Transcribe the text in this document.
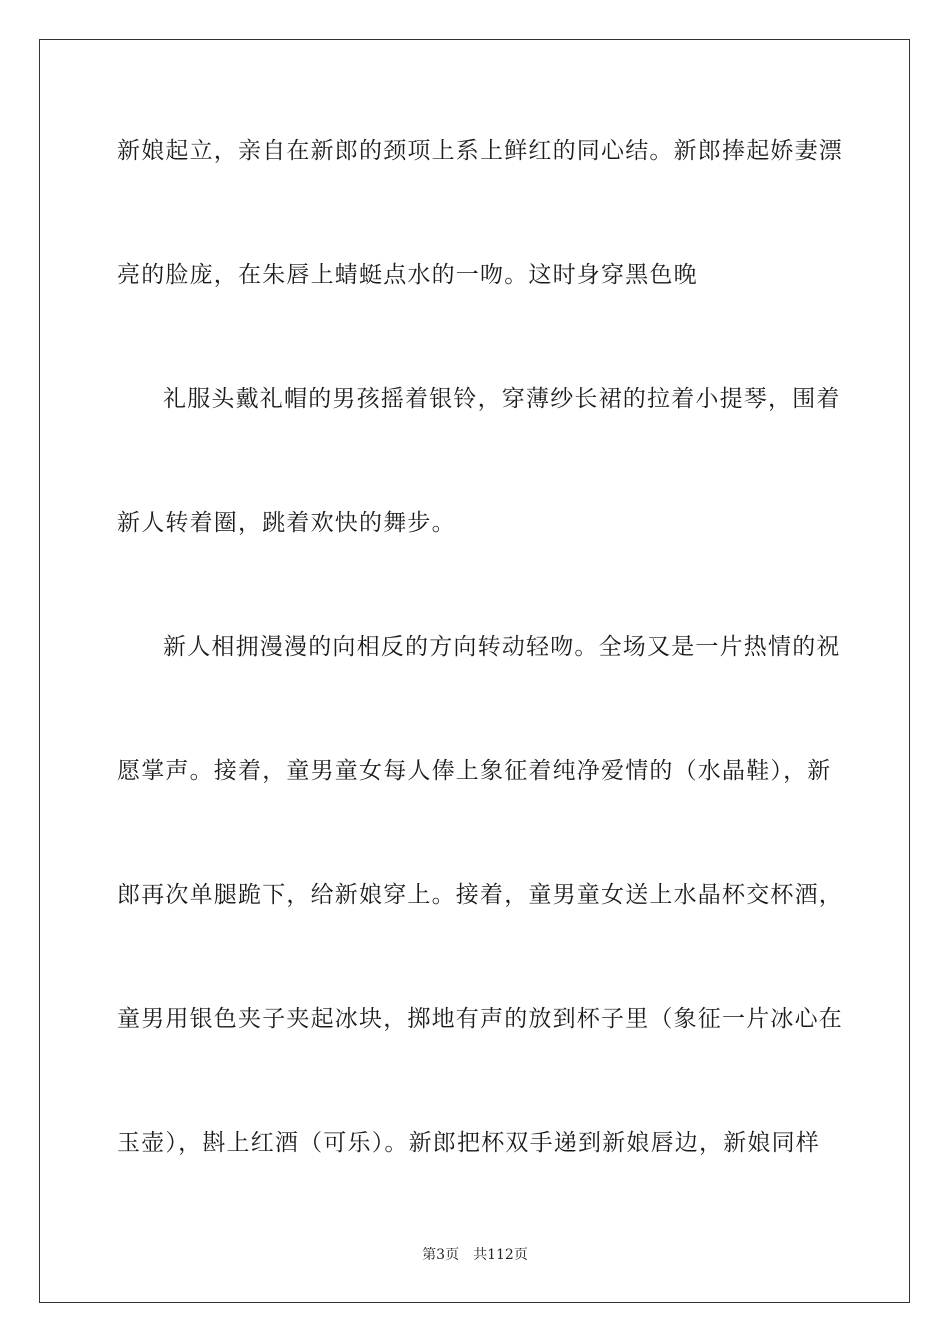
新娘起立，亲自在新郎的颈项上系上鲜红的同心结。新郎捧起娇妻漂
亮的脸庞，在朱唇上蜻蜓点水的一吻。这时身穿黑色晚
礼服头戴礼帽的男孩摇着银铃，穿薄纱长裙的拉着小提琴，围着
新人转着圈，跳着欢快的舞步。
新人相拥漫漫的向相反的方向转动轻吻。全场又是一片热情的祝
愿掌声。接着，童男童女每人俸上象征着纯净爱情的（水晶鞋），新
郎再次单腿跪下，给新娘穿上。接着，童男童女送上水晶杯交杯酒，
童男用银色夹子夹起冰块，掷地有声的放到杯子里（象征一片冰心在
玉壶），斟上红酒（可乐）。新郎把杯双手递到新娘唇边，新娘同样
第3页 共112页
